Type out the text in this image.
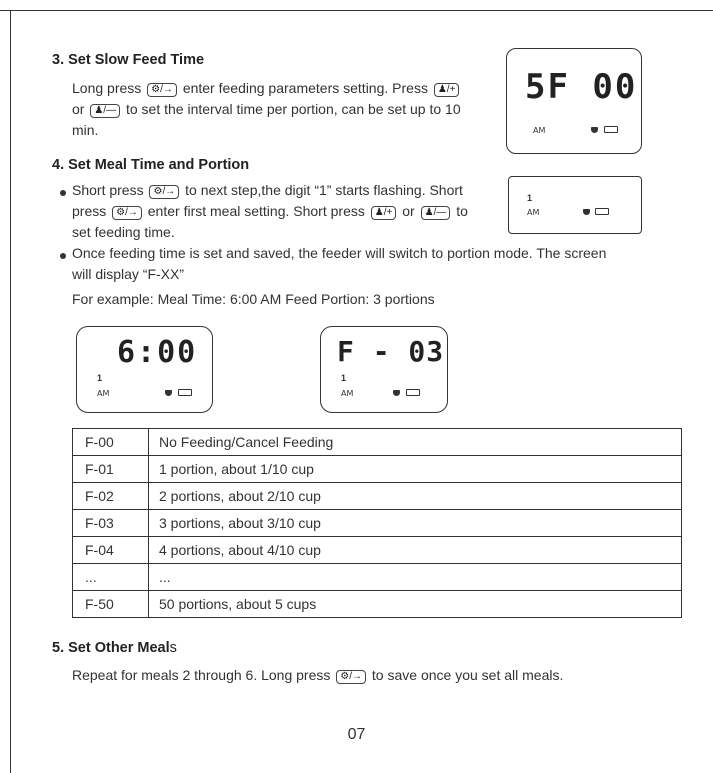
3. Set Slow Feed Time
Long press ⚙/→ enter feeding parameters setting. Press ♟/+
or ♟/— to set the interval time per portion, can be set up to 10
min.
5F 00
AM
4. Set Meal Time and Portion
Short press ⚙/→ to next step,the digit “1” starts flashing. Short
press ⚙/→ enter first meal setting. Short press ♟/+ or ♟/— to
set feeding time.
1
AM
Once feeding time is set and saved, the feeder will switch to portion mode. The screen
will display “F-XX”
For example: Meal Time: 6:00 AM Feed Portion: 3 portions
6:00
1
AM
F - 03
1
AM
F-00	No Feeding/Cancel Feeding
F-01	1 portion, about 1/10 cup
F-02	2 portions, about 2/10 cup
F-03	3 portions, about 3/10 cup
F-04	4 portions, about 4/10 cup
...	...
F-50	50 portions, about 5 cups
5. Set Other Meals
Repeat for meals 2 through 6. Long press ⚙/→ to save once you set all meals.
07
